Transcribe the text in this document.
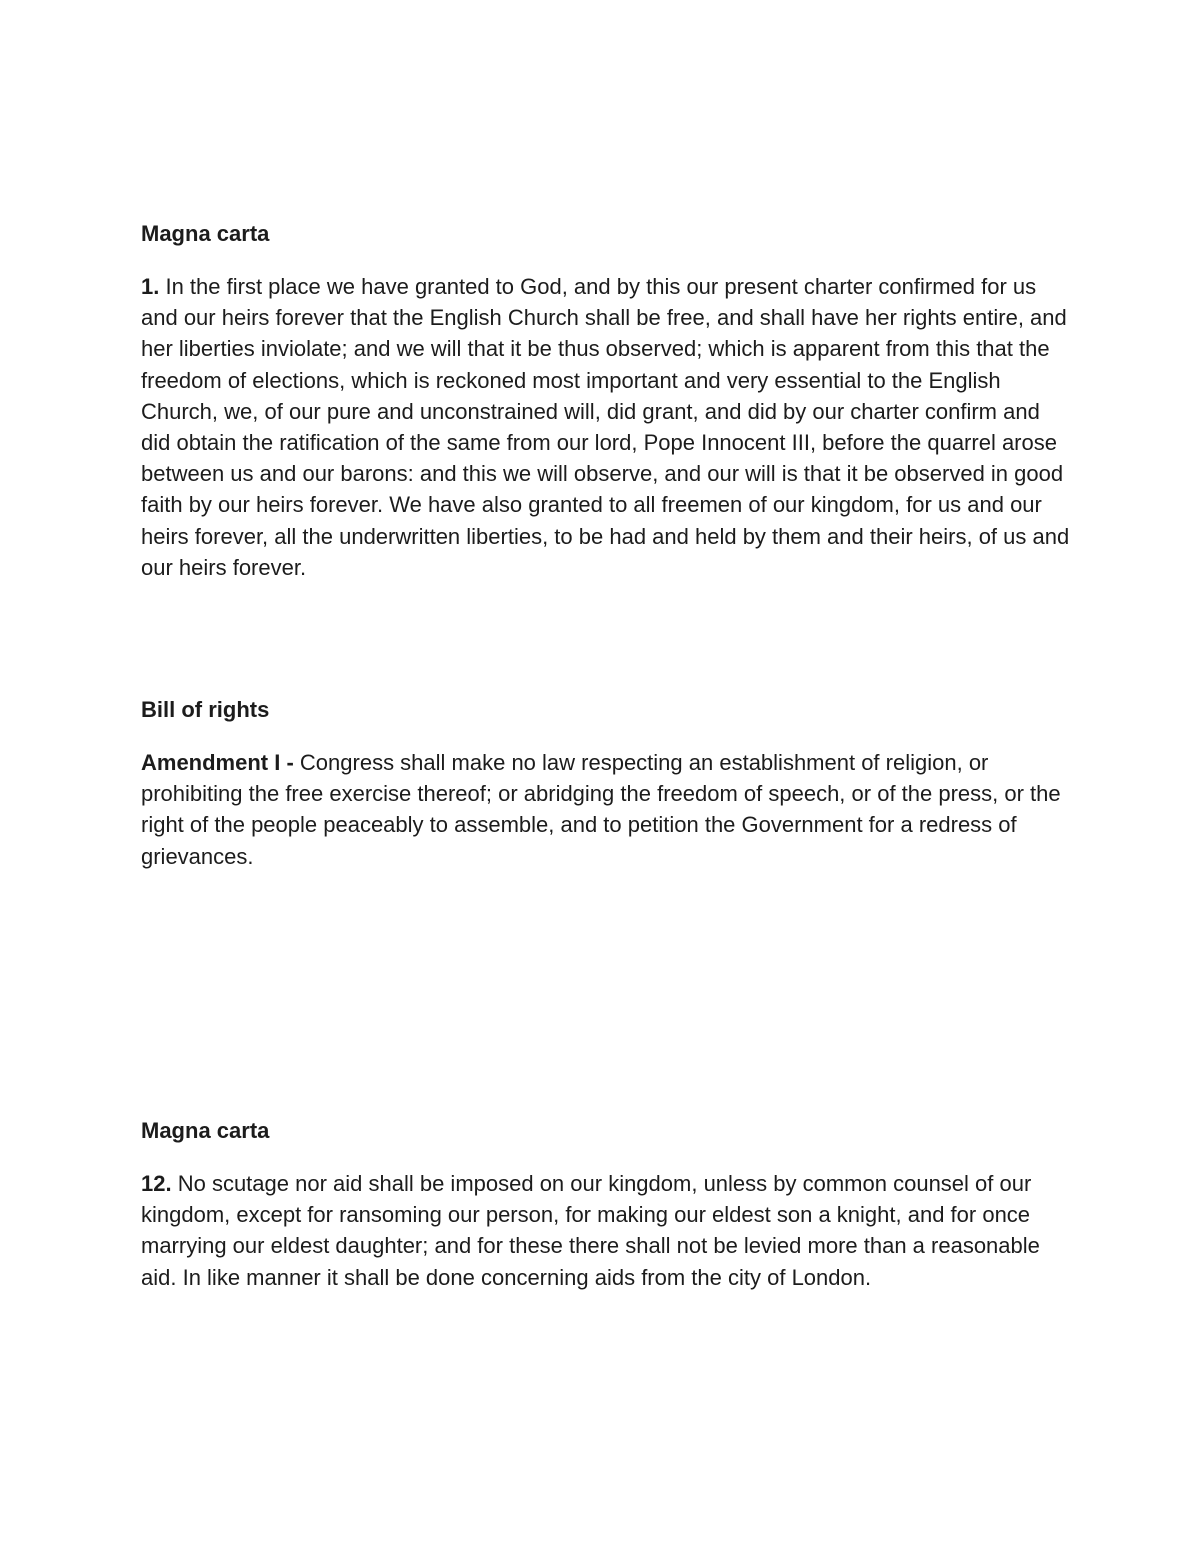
Magna carta

1. In the first place we have granted to God, and by this our present charter confirmed for us and our heirs forever that the English Church shall be free, and shall have her rights entire, and her liberties inviolate; and we will that it be thus observed; which is apparent from this that the freedom of elections, which is reckoned most important and very essential to the English Church, we, of our pure and unconstrained will, did grant, and did by our charter confirm and did obtain the ratification of the same from our lord, Pope Innocent III, before the quarrel arose between us and our barons: and this we will observe, and our will is that it be observed in good faith by our heirs forever. We have also granted to all freemen of our kingdom, for us and our heirs forever, all the underwritten liberties, to be had and held by them and their heirs, of us and our heirs forever.

Bill of rights

Amendment I - Congress shall make no law respecting an establishment of religion, or prohibiting the free exercise thereof; or abridging the freedom of speech, or of the press, or the right of the people peaceably to assemble, and to petition the Government for a redress of grievances.

Magna carta

12. No scutage nor aid shall be imposed on our kingdom, unless by common counsel of our kingdom, except for ransoming our person, for making our eldest son a knight, and for once marrying our eldest daughter; and for these there shall not be levied more than a reasonable aid. In like manner it shall be done concerning aids from the city of London.
